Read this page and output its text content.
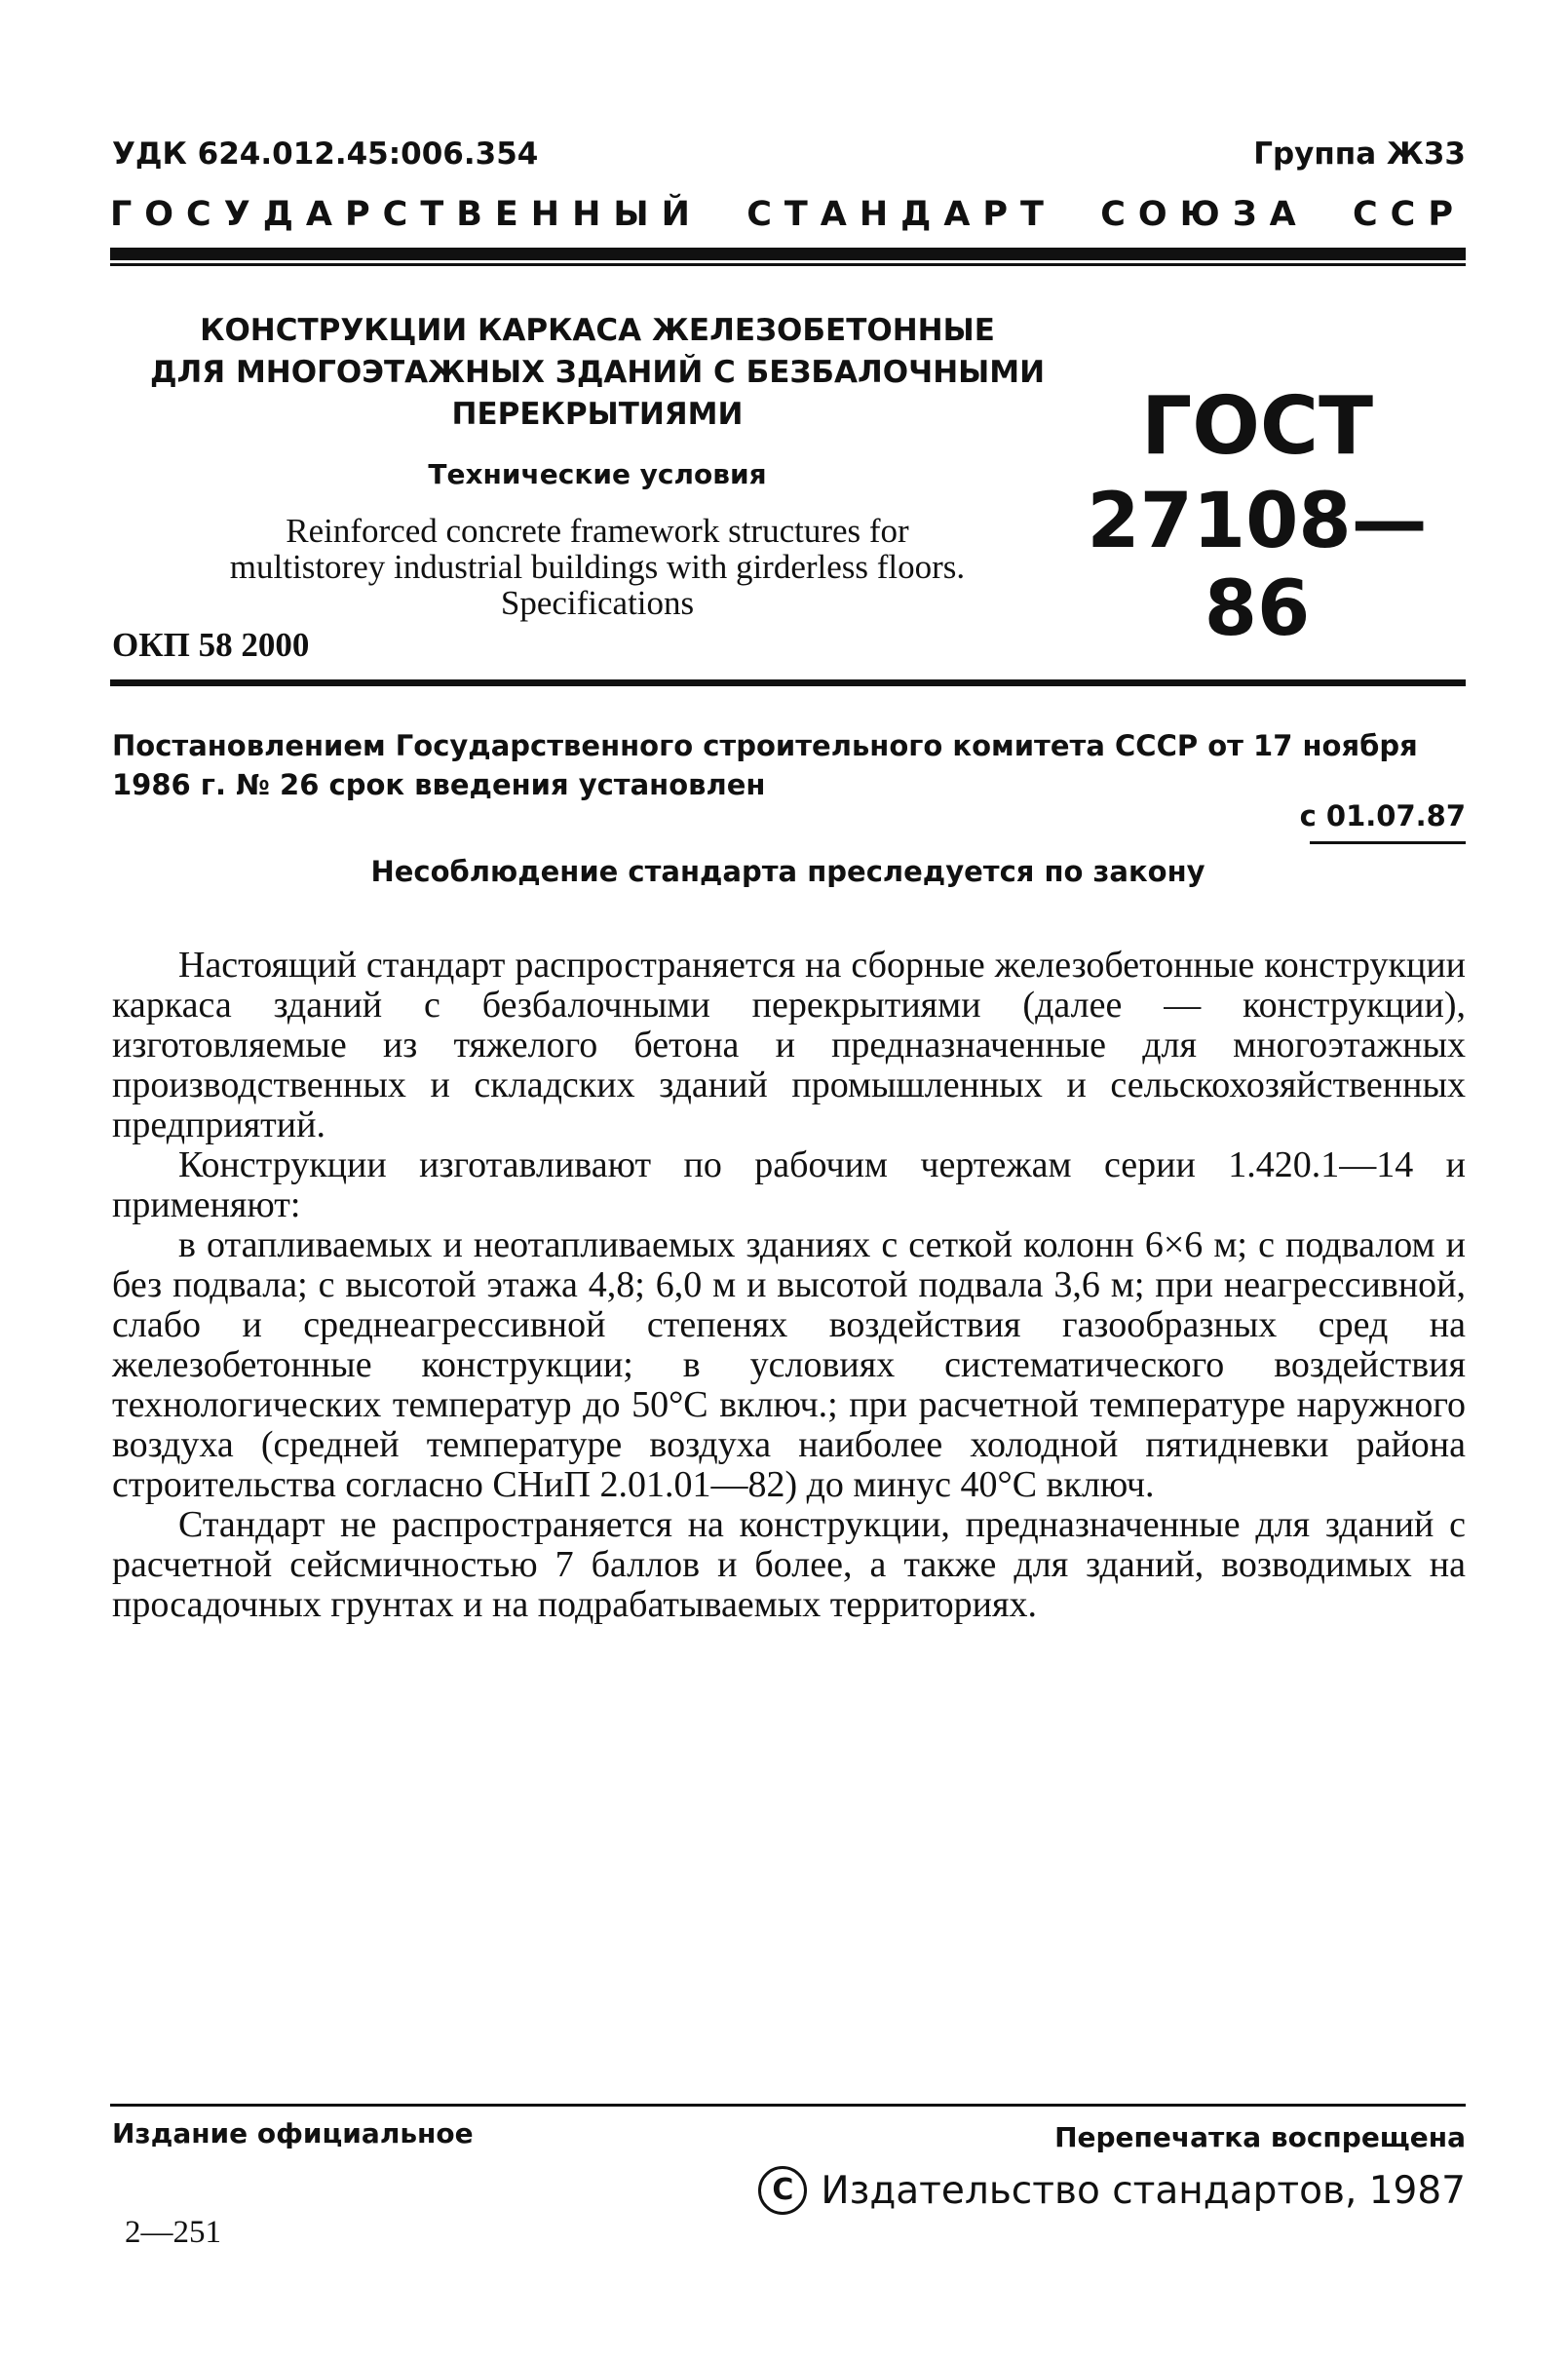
УДК 624.012.45:006.354	Группа Ж33
ГОСУДАРСТВЕННЫЙ СТАНДАРТ СОЮЗА ССР
КОНСТРУКЦИИ КАРКАСА ЖЕЛЕЗОБЕТОННЫЕ
ДЛЯ МНОГОЭТАЖНЫХ ЗДАНИЙ С БЕЗБАЛОЧНЫМИ
ПЕРЕКРЫТИЯМИ
Технические условия
Reinforced concrete framework structures for
multistorey industrial buildings with girderless floors.
Specifications
ОКП 58 2000
ГОСТ
27108—86
Постановлением Государственного строительного комитета СССР от 17 ноября 1986 г. № 26 срок введения установлен
с 01.07.87
Несоблюдение стандарта преследуется по закону

Настоящий стандарт распространяется на сборные железобетонные конструкции каркаса зданий с безбалочными перекрытиями (далее — конструкции), изготовляемые из тяжелого бетона и предназначенные для многоэтажных производственных и складских зданий промышленных и сельскохозяйственных предприятий.

Конструкции изготавливают по рабочим чертежам серии 1.420.1—14 и применяют:

в отапливаемых и неотапливаемых зданиях с сеткой колонн 6×6 м; с подвалом и без подвала; с высотой этажа 4,8; 6,0 м и высотой подвала 3,6 м; при неагрессивной, слабо и среднеагрессивной степенях воздействия газообразных сред на железобетонные конструкции; в условиях систематического воздействия технологических температур до 50°С включ.; при расчетной температуре наружного воздуха (средней температуре воздуха наиболее холодной пятидневки района строительства согласно СНиП 2.01.01—82) до минус 40°С включ.

Стандарт не распространяется на конструкции, предназначенные для зданий с расчетной сейсмичностью 7 баллов и более, а также для зданий, возводимых на просадочных грунтах и на подрабатываемых территориях.

Издание официальное	Перепечатка воспрещена
C Издательство стандартов, 1987
2—251
